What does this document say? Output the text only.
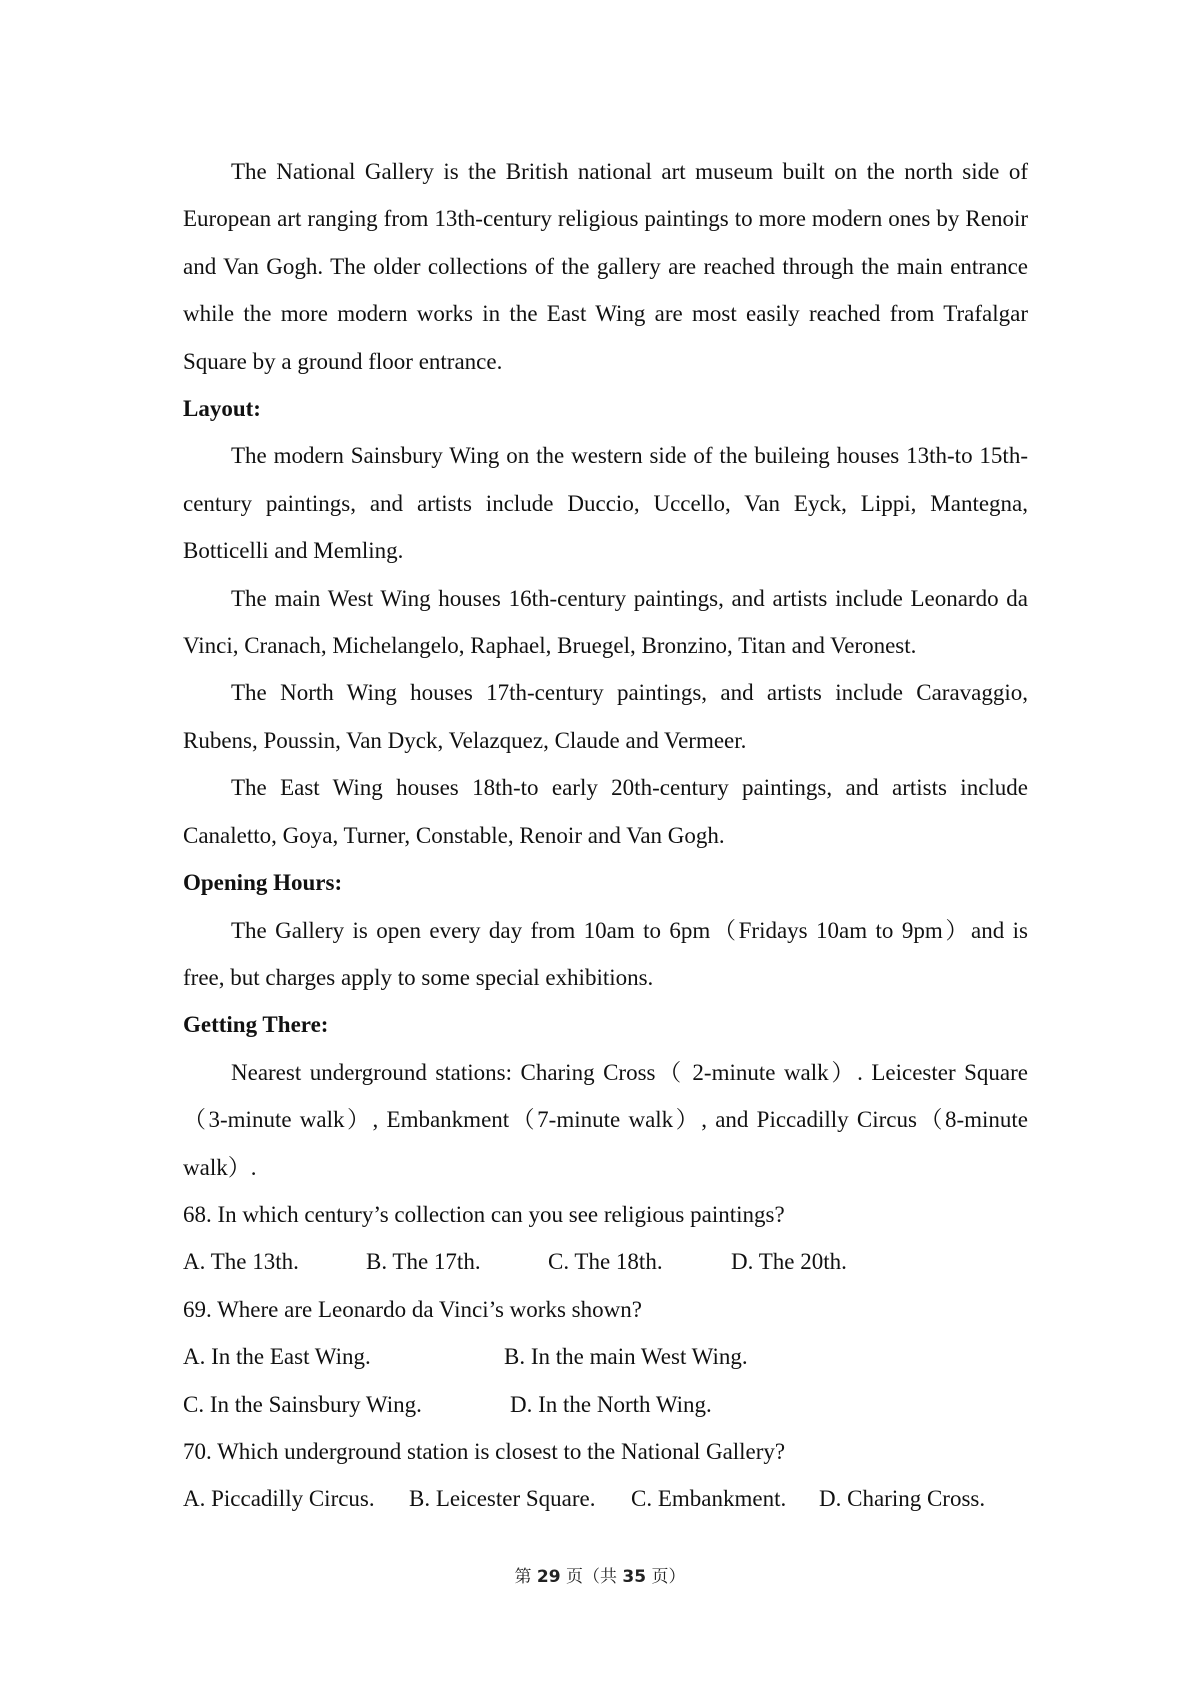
The National Gallery is the British national art museum built on the north side of European art ranging from 13th-century religious paintings to more modern ones by Renoir and Van Gogh. The older collections of the gallery are reached through the main entrance while the more modern works in the East Wing are most easily reached from Trafalgar Square by a ground floor entrance.

Layout:

The modern Sainsbury Wing on the western side of the buileing houses 13th-to 15th-century paintings, and artists include Duccio, Uccello, Van Eyck, Lippi, Mantegna, Botticelli and Memling.

The main West Wing houses 16th-century paintings, and artists include Leonardo da Vinci, Cranach, Michelangelo, Raphael, Bruegel, Bronzino, Titan and Veronest.

The North Wing houses 17th-century paintings, and artists include Caravaggio, Rubens, Poussin, Van Dyck, Velazquez, Claude and Vermeer.

The East Wing houses 18th-to early 20th-century paintings, and artists include Canaletto, Goya, Turner, Constable, Renoir and Van Gogh.

Opening Hours:

The Gallery is open every day from 10am to 6pm（Fridays 10am to 9pm）and is free, but charges apply to some special exhibitions.

Getting There:

Nearest underground stations: Charing Cross（ 2-minute walk）. Leicester Square（3-minute walk）, Embankment（7-minute walk）, and Piccadilly Circus（8-minute walk）.

68. In which century’s collection can you see religious paintings?

A. The 13th.	B. The 17th.	C. The 18th.	D. The 20th.

69. Where are Leonardo da Vinci’s works shown?

A. In the East Wing.	B. In the main West Wing.
C. In the Sainsbury Wing.	D. In the North Wing.

70. Which underground station is closest to the National Gallery?

A. Piccadilly Circus.	B. Leicester Square.	C. Embankment.	D. Charing Cross.
第 29 页（共 35 页）
